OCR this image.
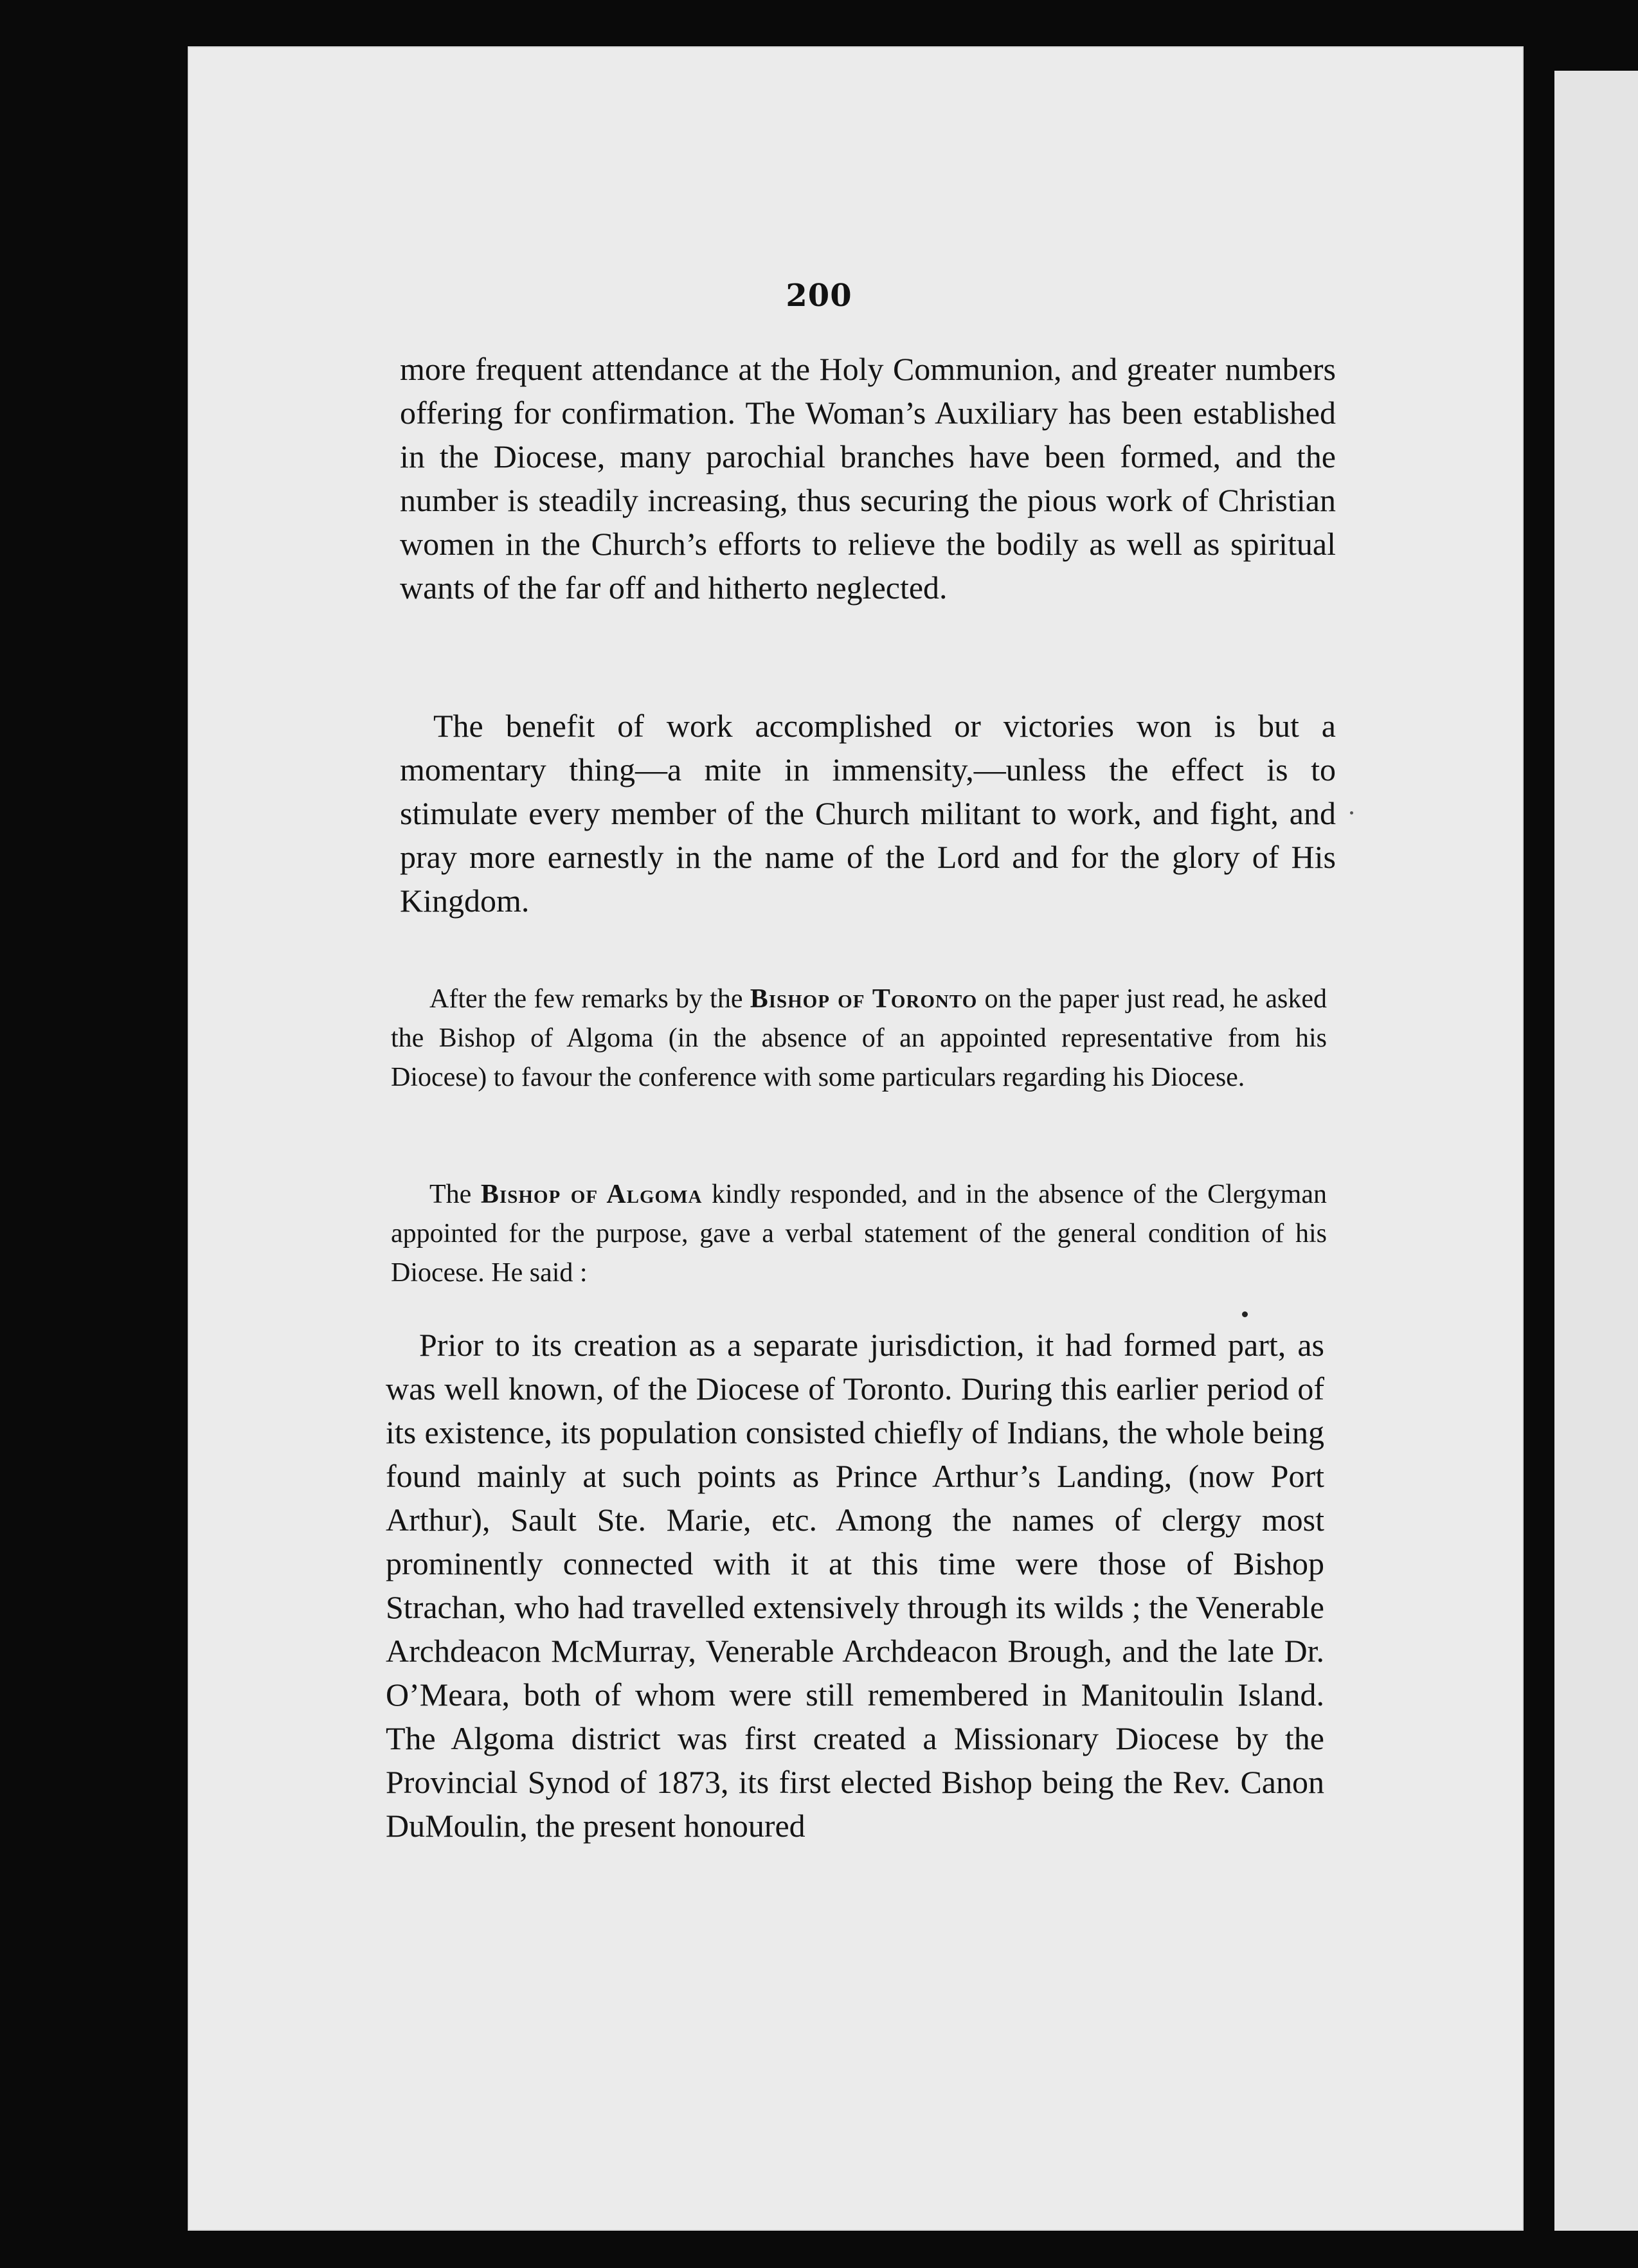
200

more frequent attendance at the Holy Communion, and greater numbers offering for confirmation. The Woman’s Auxiliary has been established in the Diocese, many parochial branches have been formed, and the number is steadily increasing, thus securing the pious work of Christian women in the Church’s efforts to relieve the bodily as well as spiritual wants of the far off and hitherto neglected.

The benefit of work accomplished or victories won is but a momentary thing—a mite in immensity,—unless the effect is to stimulate every member of the Church militant to work, and fight, and pray more earnestly in the name of the Lord and for the glory of His Kingdom.

After the few remarks by the Bishop of Toronto on the paper just read, he asked the Bishop of Algoma (in the absence of an appointed representative from his Diocese) to favour the conference with some particulars regarding his Diocese.

The Bishop of Algoma kindly responded, and in the absence of the Clergyman appointed for the purpose, gave a verbal statement of the general condition of his Diocese. He said :

Prior to its creation as a separate jurisdiction, it had formed part, as was well known, of the Diocese of Toronto. During this earlier period of its existence, its population consisted chiefly of Indians, the whole being found mainly at such points as Prince Arthur’s Landing, (now Port Arthur), Sault Ste. Marie, etc. Among the names of clergy most prominently connected with it at this time were those of Bishop Strachan, who had travelled extensively through its wilds ; the Venerable Archdeacon McMurray, Venerable Archdeacon Brough, and the late Dr. O’Meara, both of whom were still remembered in Manitoulin Island. The Algoma district was first created a Missionary Diocese by the Provincial Synod of 1873, its first elected Bishop being the Rev. Canon DuMoulin, the present honoured
